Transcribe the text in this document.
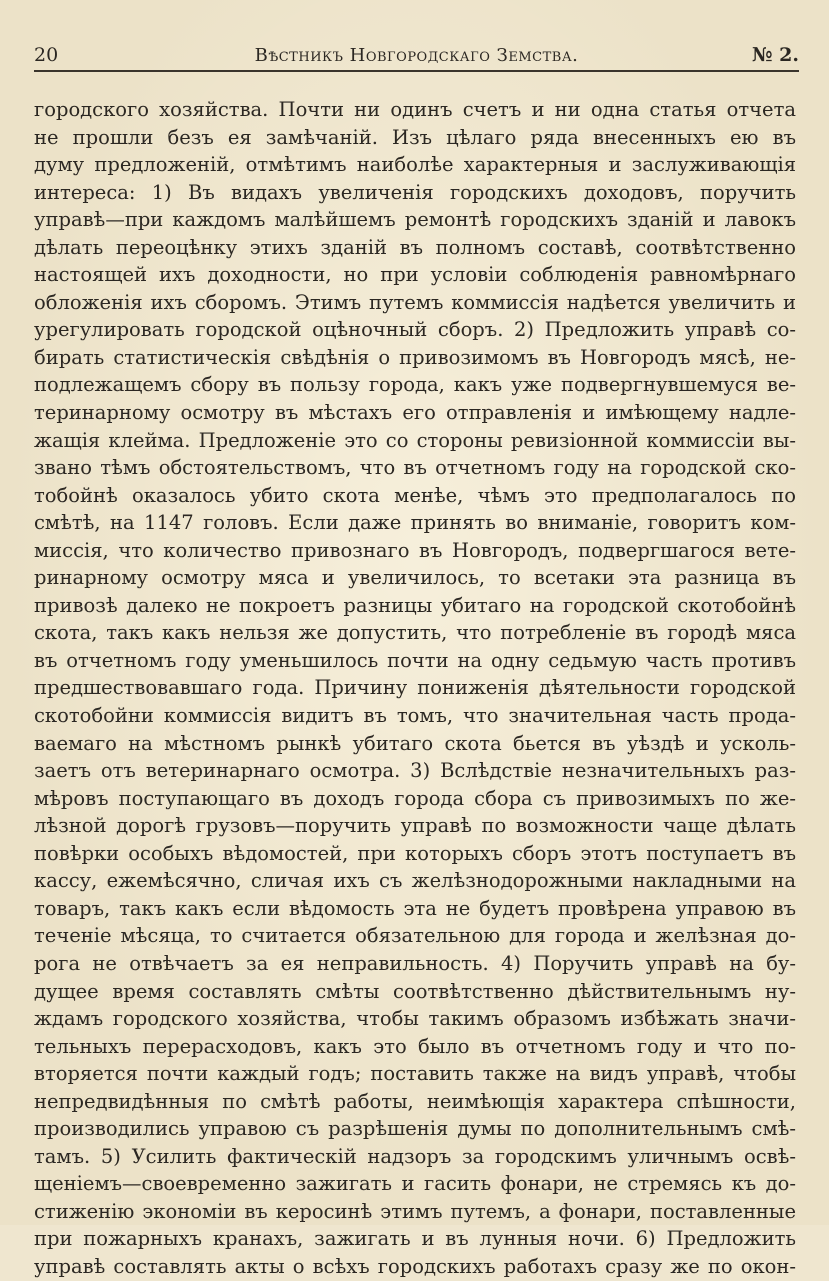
20	Вѣстникъ Новгородскаго Земства.	№ 2.
городского хозяйства. Почти ни одинъ счетъ и ни одна статья отчета
не прошли безъ ея замѣчаній. Изъ цѣлаго ряда внесенныхъ ею въ
думу предложеній, отмѣтимъ наиболѣе характерныя и заслуживающія
интереса: 1) Въ видахъ увеличенія городскихъ доходовъ, поручить
управѣ—при каждомъ малѣйшемъ ремонтѣ городскихъ зданій и лавокъ
дѣлать переоцѣнку этихъ зданій въ полномъ составѣ, соотвѣтственно
настоящей ихъ доходности, но при условіи соблюденія равномѣрнаго
обложенія ихъ сборомъ. Этимъ путемъ коммиссія надѣется увеличить и
урегулировать городской оцѣночный сборъ. 2) Предложить управѣ со-
бирать статистическія свѣдѣнія о привозимомъ въ Новгородъ мясѣ, не-
подлежащемъ сбору въ пользу города, какъ уже подвергнувшемуся ве-
теринарному осмотру въ мѣстахъ его отправленія и имѣющему надле-
жащія клейма. Предложеніе это со стороны ревизіонной коммиссіи вы-
звано тѣмъ обстоятельствомъ, что въ отчетномъ году на городской ско-
тобойнѣ оказалось убито скота менѣе, чѣмъ это предполагалось по
смѣтѣ, на 1147 головъ. Если даже принять во вниманіе, говоритъ ком-
миссія, что количество привознаго въ Новгородъ, подвергшагося вете-
ринарному осмотру мяса и увеличилось, то всетаки эта разница въ
привозѣ далеко не покроетъ разницы убитаго на городской скотобойнѣ
скота, такъ какъ нельзя же допустить, что потребленіе въ городѣ мяса
въ отчетномъ году уменьшилось почти на одну седьмую часть противъ
предшествовавшаго года. Причину пониженія дѣятельности городской
скотобойни коммиссія видитъ въ томъ, что значительная часть прода-
ваемаго на мѣстномъ рынкѣ убитаго скота бьется въ уѣздѣ и усколь-
заетъ отъ ветеринарнаго осмотра. 3) Вслѣдствіе незначительныхъ раз-
мѣровъ поступающаго въ доходъ города сбора съ привозимыхъ по же-
лѣзной дорогѣ грузовъ—поручить управѣ по возможности чаще дѣлать
повѣрки особыхъ вѣдомостей, при которыхъ сборъ этотъ поступаетъ въ
кассу, ежемѣсячно, сличая ихъ съ желѣзнодорожными накладными на
товаръ, такъ какъ если вѣдомость эта не будетъ провѣрена управою въ
теченіе мѣсяца, то считается обязательною для города и желѣзная до-
рога не отвѣчаетъ за ея неправильность. 4) Поручить управѣ на бу-
дущее время составлять смѣты соотвѣтственно дѣйствительнымъ ну-
ждамъ городского хозяйства, чтобы такимъ образомъ избѣжать значи-
тельныхъ перерасходовъ, какъ это было въ отчетномъ году и что по-
вторяется почти каждый годъ; поставить также на видъ управѣ, чтобы
непредвидѣнныя по смѣтѣ работы, неимѣющія характера спѣшности,
производились управою съ разрѣшенія думы по дополнительнымъ смѣ-
тамъ. 5) Усилить фактическій надзоръ за городскимъ уличнымъ освѣ-
щеніемъ—своевременно зажигать и гасить фонари, не стремясь къ до-
стиженію экономіи въ керосинѣ этимъ путемъ, а фонари, поставленные
при пожарныхъ кранахъ, зажигать и въ лунныя ночи. 6) Предложить
управѣ составлять акты о всѣхъ городскихъ работахъ сразу же по окон-
